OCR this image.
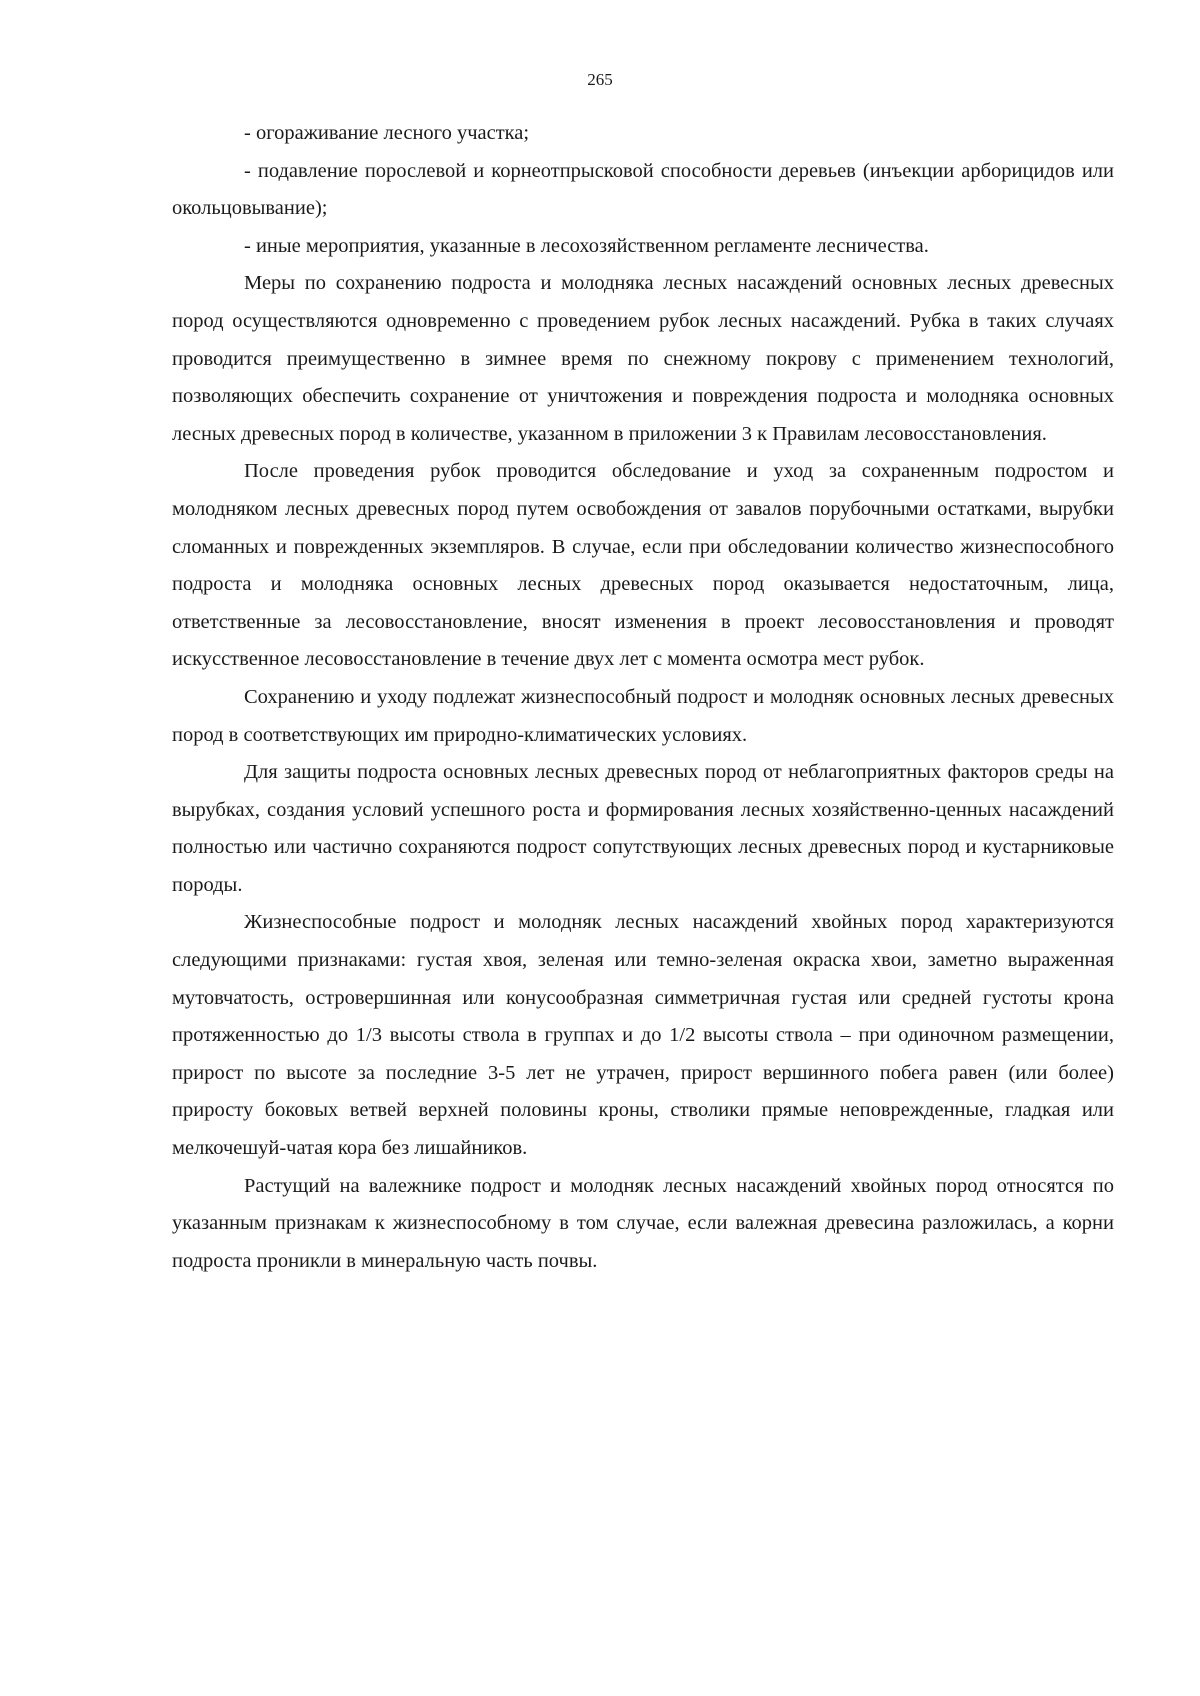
265

- огораживание лесного участка;

- подавление порослевой и корнеотпрысковой способности деревьев (инъекции арборицидов или окольцовывание);

- иные мероприятия, указанные в лесохозяйственном регламенте лесничества.

Меры по сохранению подроста и молодняка лесных насаждений основных лесных древесных пород осуществляются одновременно с проведением рубок лесных насаждений. Рубка в таких случаях проводится преимущественно в зимнее время по снежному покрову с применением технологий, позволяющих обеспечить сохранение от уничтожения и повреждения подроста и молодняка основных лесных древесных пород в количестве, указанном в приложении 3 к Правилам лесовосстановления.

После проведения рубок проводится обследование и уход за сохраненным подростом и молодняком лесных древесных пород путем освобождения от завалов порубочными остатками, вырубки сломанных и поврежденных экземпляров. В случае, если при обследовании количество жизнеспособного подроста и молодняка основных лесных древесных пород оказывается недостаточным, лица, ответственные за лесовосстановление, вносят изменения в проект лесовосстановления и проводят искусственное лесовосстановление в течение двух лет с момента осмотра мест рубок.

Сохранению и уходу подлежат жизнеспособный подрост и молодняк основных лесных древесных пород в соответствующих им природно-климатических условиях.

Для защиты подроста основных лесных древесных пород от неблагоприятных факторов среды на вырубках, создания условий успешного роста и формирования лесных хозяйственно-ценных насаждений полностью или частично сохраняются подрост сопутствующих лесных древесных пород и кустарниковые породы.

Жизнеспособные подрост и молодняк лесных насаждений хвойных пород характеризуются следующими признаками: густая хвоя, зеленая или темно-зеленая окраска хвои, заметно выраженная мутовчатость, островершинная или конусообразная симметричная густая или средней густоты крона протяженностью до 1/3 высоты ствола в группах и до 1/2 высоты ствола – при одиночном размещении, прирост по высоте за последние 3-5 лет не утрачен, прирост вершинного побега равен (или более) приросту боковых ветвей верхней половины кроны, стволики прямые неповрежденные, гладкая или мелкочешуй-чатая кора без лишайников.

Растущий на валежнике подрост и молодняк лесных насаждений хвойных пород относятся по указанным признакам к жизнеспособному в том случае, если валежная древесина разложилась, а корни подроста проникли в минеральную часть почвы.
